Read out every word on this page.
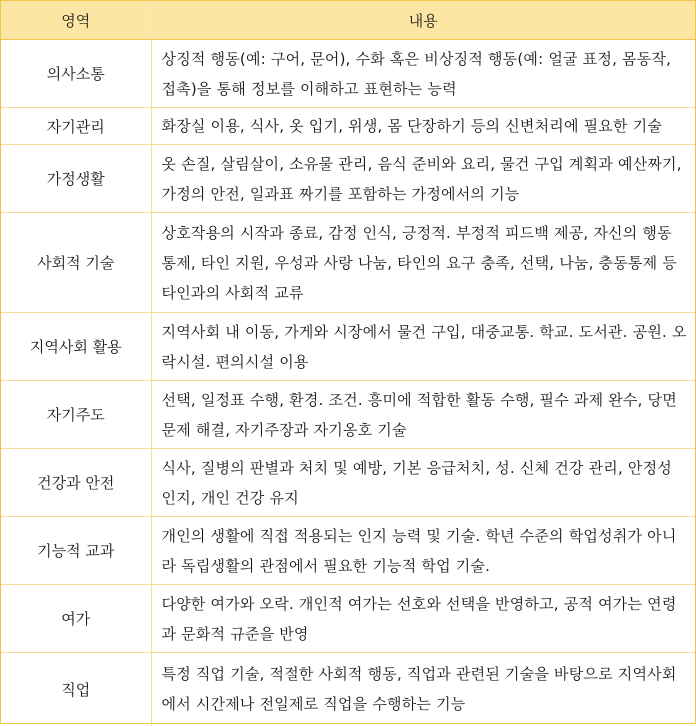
영역	내용
의사소통	상징적 행동(예: 구어, 문어), 수화 혹은 비상징적 행동(예: 얼굴 표정, 몸동작, 접촉)을 통해 정보를 이해하고 표현하는 능력
자기관리	화장실 이용, 식사, 옷 입기, 위생, 몸 단장하기 등의 신변처리에 필요한 기술
가정생활	옷 손질, 살림살이, 소유물 관리, 음식 준비와 요리, 물건 구입 계획과 예산짜기, 가정의 안전, 일과표 짜기를 포함하는 가정에서의 기능
사회적 기술	상호작용의 시작과 종료, 감정 인식, 긍정적. 부정적 피드백 제공, 자신의 행동 통제, 타인 지원, 우성과 사랑 나눔, 타인의 요구 충족, 선택, 나눔, 충동통제 등 타인과의 사회적 교류
지역사회 활용	지역사회 내 이동, 가게와 시장에서 물건 구입, 대중교통. 학교. 도서관. 공원. 오락시설. 편의시설 이용
자기주도	선택, 일정표 수행, 환경. 조건. 흥미에 적합한 활동 수행, 필수 과제 완수, 당면 문제 해결, 자기주장과 자기옹호 기술
건강과 안전	식사, 질병의 판별과 처치 및 예방, 기본 응급처치, 성. 신체 건강 관리, 안정성 인지, 개인 건강 유지
기능적 교과	개인의 생활에 직접 적용되는 인지 능력 및 기술. 학년 수준의 학업성취가 아니라 독립생활의 관점에서 필요한 기능적 학업 기술.
여가	다양한 여가와 오락. 개인적 여가는 선호와 선택을 반영하고, 공적 여가는 연령과 문화적 규준을 반영
직업	특정 직업 기술, 적절한 사회적 행동, 직업과 관련된 기술을 바탕으로 지역사회에서 시간제나 전일제로 직업을 수행하는 기능
